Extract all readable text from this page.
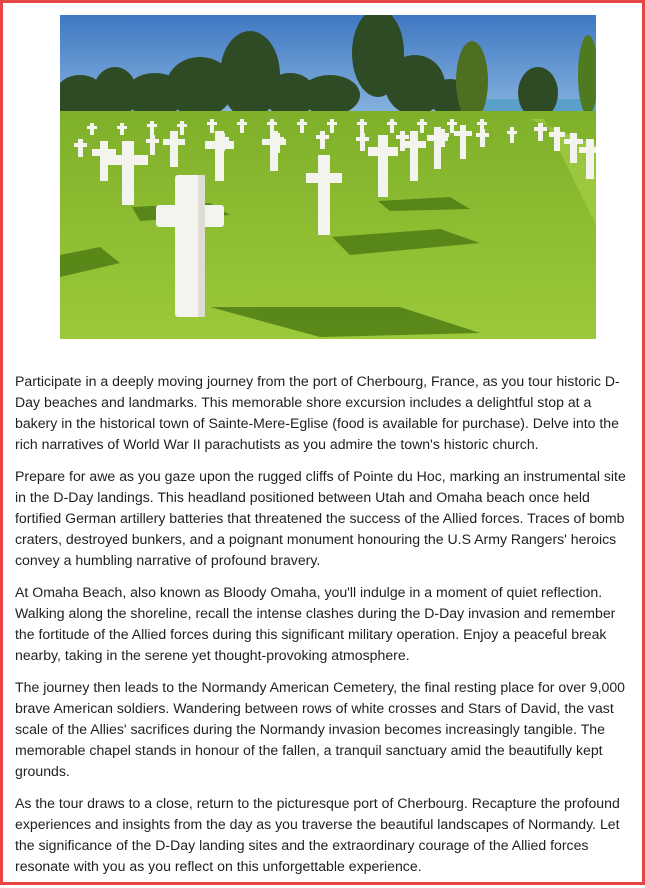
Participate in a deeply moving journey from the port of Cherbourg, France, as you tour historic D-Day beaches and landmarks. This memorable shore excursion includes a delightful stop at a bakery in the historical town of Sainte-Mere-Eglise (food is available for purchase). Delve into the rich narratives of World War II parachutists as you admire the town's historic church.

Prepare for awe as you gaze upon the rugged cliffs of Pointe du Hoc, marking an instrumental site in the D-Day landings. This headland positioned between Utah and Omaha beach once held fortified German artillery batteries that threatened the success of the Allied forces. Traces of bomb craters, destroyed bunkers, and a poignant monument honouring the U.S Army Rangers' heroics convey a humbling narrative of profound bravery.

At Omaha Beach, also known as Bloody Omaha, you'll indulge in a moment of quiet reflection. Walking along the shoreline, recall the intense clashes during the D-Day invasion and remember the fortitude of the Allied forces during this significant military operation. Enjoy a peaceful break nearby, taking in the serene yet thought-provoking atmosphere.

The journey then leads to the Normandy American Cemetery, the final resting place for over 9,000 brave American soldiers. Wandering between rows of white crosses and Stars of David, the vast scale of the Allies' sacrifices during the Normandy invasion becomes increasingly tangible. The memorable chapel stands in honour of the fallen, a tranquil sanctuary amid the beautifully kept grounds.

As the tour draws to a close, return to the picturesque port of Cherbourg. Recapture the profound experiences and insights from the day as you traverse the beautiful landscapes of Normandy. Let the significance of the D-Day landing sites and the extraordinary courage of the Allied forces resonate with you as you reflect on this unforgettable experience.
